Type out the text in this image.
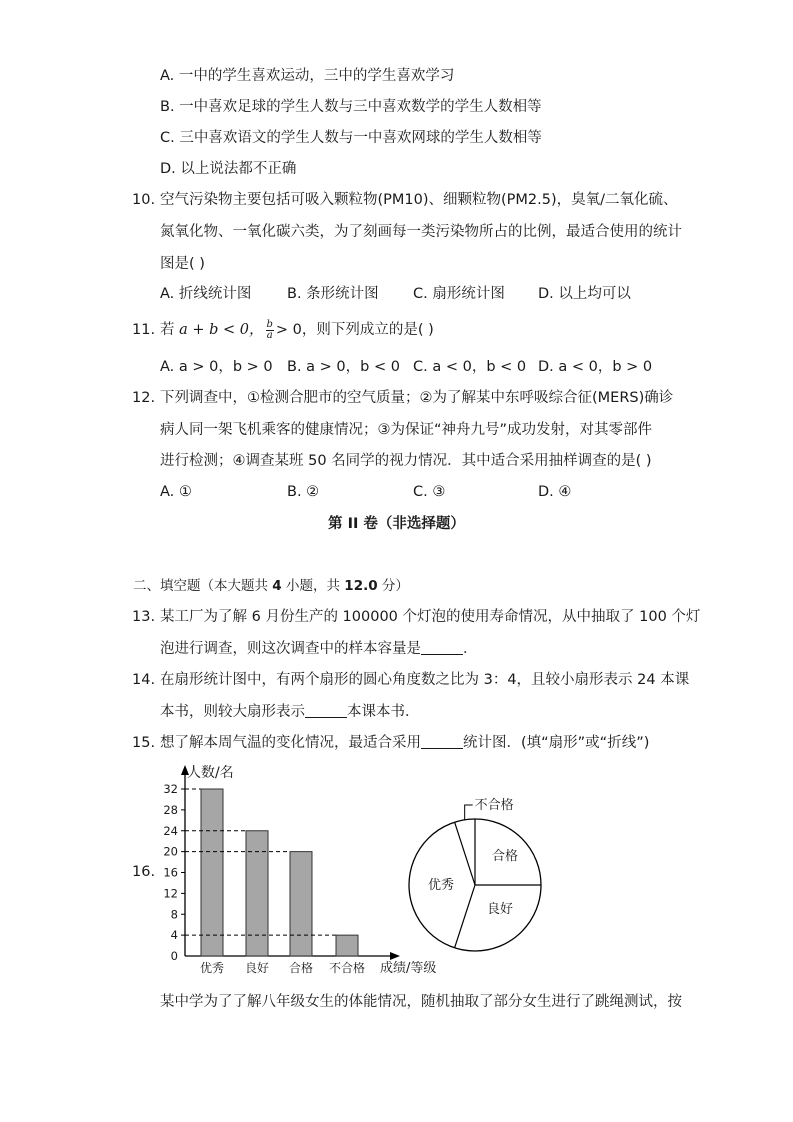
A. 一中的学生喜欢运动，三中的学生喜欢学习
B. 一中喜欢足球的学生人数与三中喜欢数学的学生人数相等
C. 三中喜欢语文的学生人数与一中喜欢网球的学生人数相等
D. 以上说法都不正确
10. 空气污染物主要包括可吸入颗粒物(PM10)、细颗粒物(PM2.5)，臭氧/二氧化硫、
氮氧化物、一氧化碳六类，为了刻画每一类污染物所占的比例，最适合使用的统计
图是( )
A. 折线统计图 B. 条形统计图 C. 扇形统计图 D. 以上均可以
11. 若 a + b < 0， $\frac{b}{a} > 0$，则下列成立的是( )
A. a > 0，b > 0 B. a > 0，b < 0 C. a < 0，b < 0 D. a < 0，b > 0
12. 下列调查中，①检测合肥市的空气质量；②为了解某中东呼吸综合征(MERS)确诊
病人同一架飞机乘客的健康情况；③为保证“神舟九号”成功发射，对其零部件
进行检测；④调查某班 50 名同学的视力情况．其中适合采用抽样调查的是( )
A. ①	B. ②	C. ③	D. ④
第 II 卷（非选择题）
二、填空题（本大题共 4 小题，共 12.0 分）
13. 某工厂为了解 6 月份生产的 100000 个灯泡的使用寿命情况，从中抽取了 100 个灯
泡进行调查，则这次调查中的样本容量是	．
14. 在扇形统计图中，有两个扇形的圆心角度数之比为 3：4，且较小扇形表示 24 本课
本书，则较大扇形表示	本课本书．
15. 想了解本周气温的变化情况，最适合采用	统计图．(填“扇形”或“折线”)
16.
人数/名
成绩/等级
0
4
8
12
16
20
24
28
32
优秀 良好 合格 不合格
合格
良好
优秀
不合格
某中学为了了解八年级女生的体能情况，随机抽取了部分女生进行了跳绳测试，按
